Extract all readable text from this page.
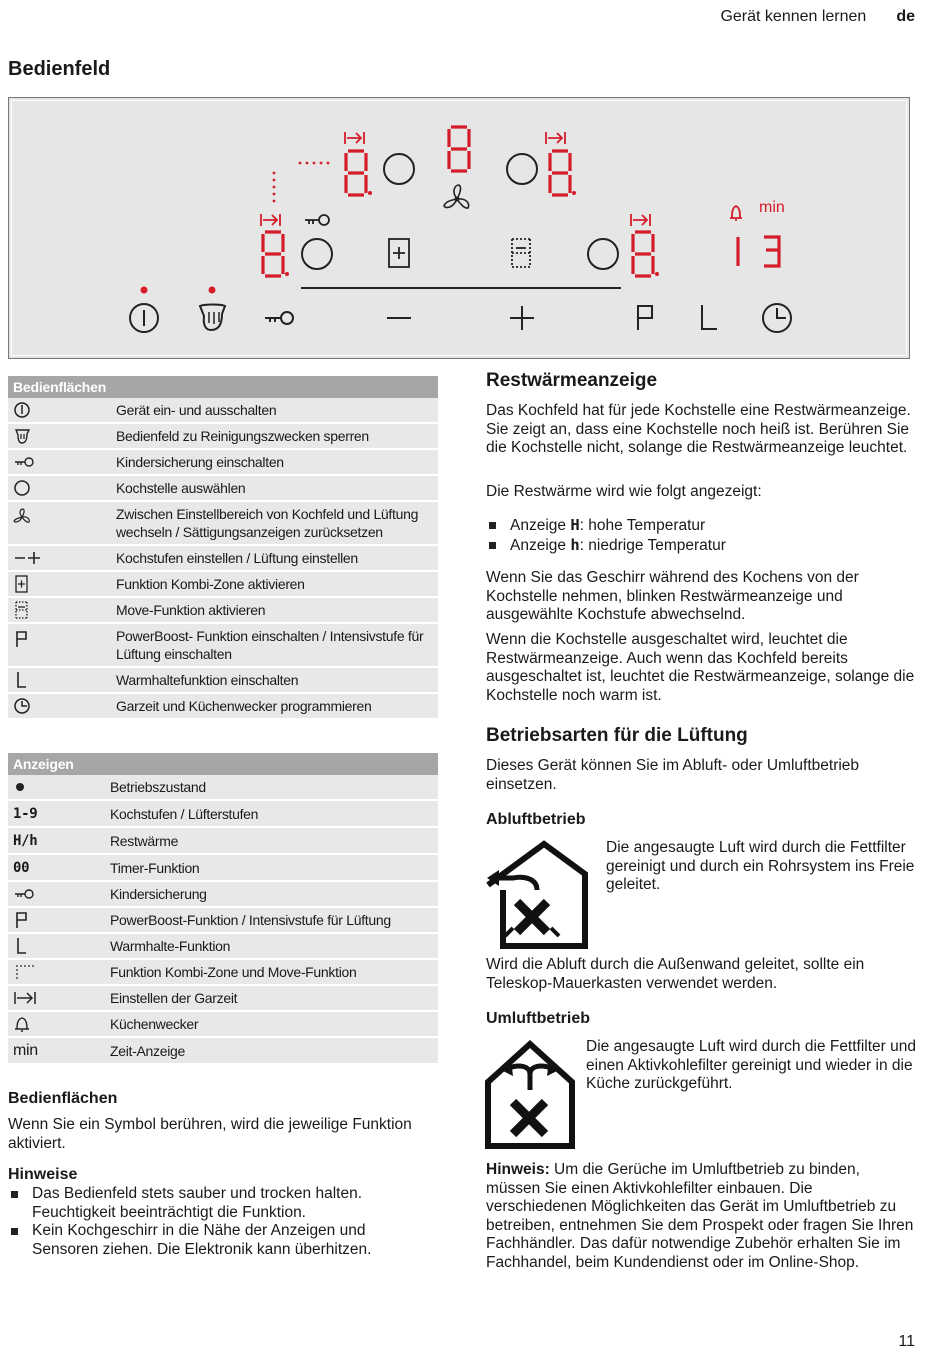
Gerät kennen lernen de
Bedienfeld
min
Bedienflächen	

	Gerät ein- und ausschalten

	Bedienfeld zu Reinigungszwecken sperren

	Kindersicherung einschalten

	Kochstelle auswählen

	Zwischen Einstellbereich von Kochfeld und Lüftung wechseln / Sättigungsanzeigen zurücksetzen

	Kochstufen einstellen / Lüftung einstellen

	Funktion Kombi-Zone aktivieren

	Move-Funktion aktivieren

	PowerBoost- Funktion einschalten / Intensivstufe für Lüftung einschalten

	Warmhaltefunktion einschalten

	Garzeit und Küchenwecker programmieren
Anzeigen	

	Betriebszustand
1-9	Kochstufen / Lüfterstufen
H/h	Restwärme
00	Timer-Funktion

	Kindersicherung

	PowerBoost-Funktion / Intensivstufe für Lüftung

	Warmhalte-Funktion

	Funktion Kombi-Zone und Move-Funktion

	Einstellen der Garzeit

	Küchenwecker
min	Zeit-Anzeige
Bedienflächen

Wenn Sie ein Symbol berühren, wird die jeweilige Funktion aktiviert.

Hinweise
Das Bedienfeld stets sauber und trocken halten. Feuchtigkeit beeinträchtigt die Funktion.
Kein Kochgeschirr in die Nähe der Anzeigen und Sensoren ziehen. Die Elektronik kann überhitzen.
Restwärmeanzeige

Das Kochfeld hat für jede Kochstelle eine Restwärmeanzeige. Sie zeigt an, dass eine Kochstelle noch heiß ist. Berühren Sie die Kochstelle nicht, solange die Restwärmeanzeige leuchtet.

Die Restwärme wird wie folgt angezeigt:

Anzeige H: hohe Temperatur
Anzeige h: niedrige Temperatur

Wenn Sie das Geschirr während des Kochens von der Kochstelle nehmen, blinken Restwärmeanzeige und ausgewählte Kochstufe abwechselnd.

Wenn die Kochstelle ausgeschaltet wird, leuchtet die Restwärmeanzeige. Auch wenn das Kochfeld bereits ausgeschaltet ist, leuchtet die Restwärmeanzeige, solange die Kochstelle noch warm ist.

Betriebsarten für die Lüftung

Dieses Gerät können Sie im Abluft- oder Umluftbetrieb einsetzen.

Abluftbetrieb

Die angesaugte Luft wird durch die Fettfilter gereinigt und durch ein Rohrsystem ins Freie geleitet.

Wird die Abluft durch die Außenwand geleitet, sollte ein Teleskop-Mauerkasten verwendet werden.

Umluftbetrieb

Die angesaugte Luft wird durch die Fettfilter und einen Aktivkohlefilter gereinigt und wieder in die Küche zurückgeführt.

Hinweis: Um die Gerüche im Umluftbetrieb zu binden, müssen Sie einen Aktivkohlefilter einbauen. Die verschiedenen Möglichkeiten das Gerät im Umluftbetrieb zu betreiben, entnehmen Sie dem Prospekt oder fragen Sie Ihren Fachhändler. Das dafür notwendige Zubehör erhalten Sie im Fachhandel, beim Kundendienst oder im Online-Shop.

11
